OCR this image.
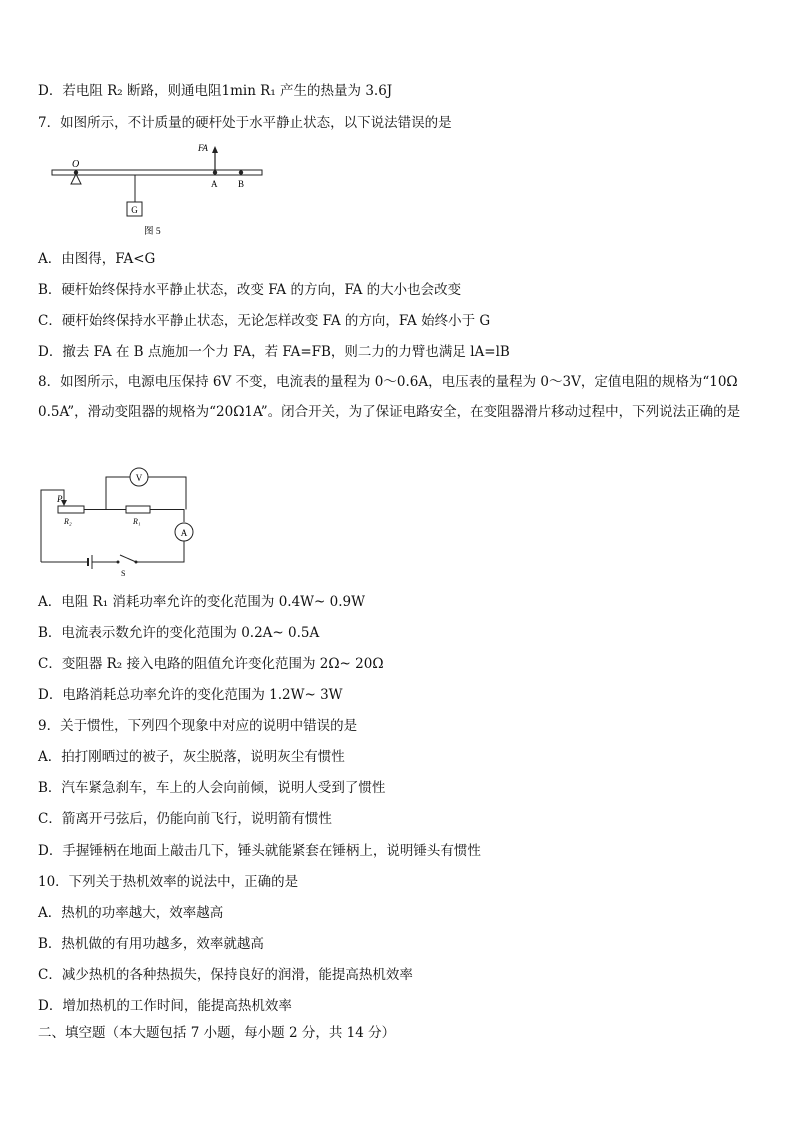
D．若电阻 R₂ 断路，则通电阻1min R₁ 产生的热量为 3.6J
7．如图所示，不计质量的硬杆处于水平静止状态，以下说法错误的是
O
G
FA
A B
图 5
A．由图得，FA<G
B．硬杆始终保持水平静止状态，改变 FA 的方向，FA 的大小也会改变
C．硬杆始终保持水平静止状态，无论怎样改变 FA 的方向，FA 始终小于 G
D．撤去 FA 在 B 点施加一个力 FA，若 FA=FB，则二力的力臂也满足 lA=lB
8．如图所示，电源电压保持 6V 不变，电流表的量程为 0～0.6A，电压表的量程为 0～3V，定值电阻的规格为“10Ω 0.5A”，滑动变阻器的规格为“20Ω1A”。闭合开关，为了保证电路安全，在变阻器滑片移动过程中，下列说法正确的是
P
R₂	R₁
V
A
S
A．电阻 R₁ 消耗功率允许的变化范围为 0.4W~ 0.9W
B．电流表示数允许的变化范围为 0.2A~ 0.5A
C．变阻器 R₂ 接入电路的阻值允许变化范围为 2Ω~ 20Ω
D．电路消耗总功率允许的变化范围为 1.2W~ 3W
9．关于惯性，下列四个现象中对应的说明中错误的是
A．拍打刚晒过的被子，灰尘脱落，说明灰尘有惯性
B．汽车紧急刹车，车上的人会向前倾，说明人受到了惯性
C．箭离开弓弦后，仍能向前飞行，说明箭有惯性
D．手握锤柄在地面上敲击几下，锤头就能紧套在锤柄上，说明锤头有惯性
10．下列关于热机效率的说法中，正确的是
A．热机的功率越大，效率越高
B．热机做的有用功越多，效率就越高
C．减少热机的各种热损失，保持良好的润滑，能提高热机效率
D．增加热机的工作时间，能提高热机效率
二、填空题（本大题包括 7 小题，每小题 2 分，共 14 分）
